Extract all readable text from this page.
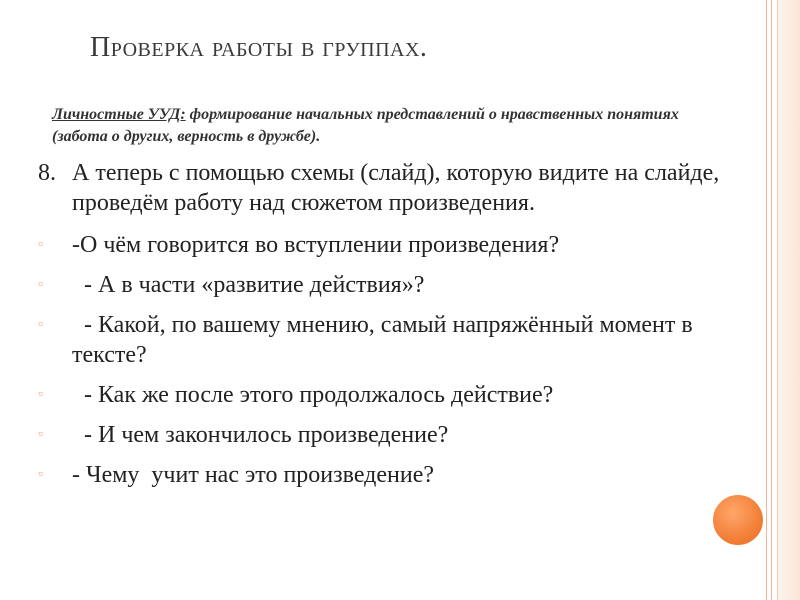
Проверка работы в группах.
Личностные УУД: формирование начальных представлений о нравственных понятиях (забота о других, верность в дружбе).
8. А теперь с помощью схемы (слайд), которую видите на слайде, проведём работу над сюжетом произведения.
▫ -О чём говорится во вступлении произведения?
▫ - А в части «развитие действия»?
▫ - Какой, по вашему мнению, самый напряжённый момент в тексте?
▫ - Как же после этого продолжалось действие?
▫ - И чем закончилось произведение?
▫ - Чему  учит нас это произведение?
